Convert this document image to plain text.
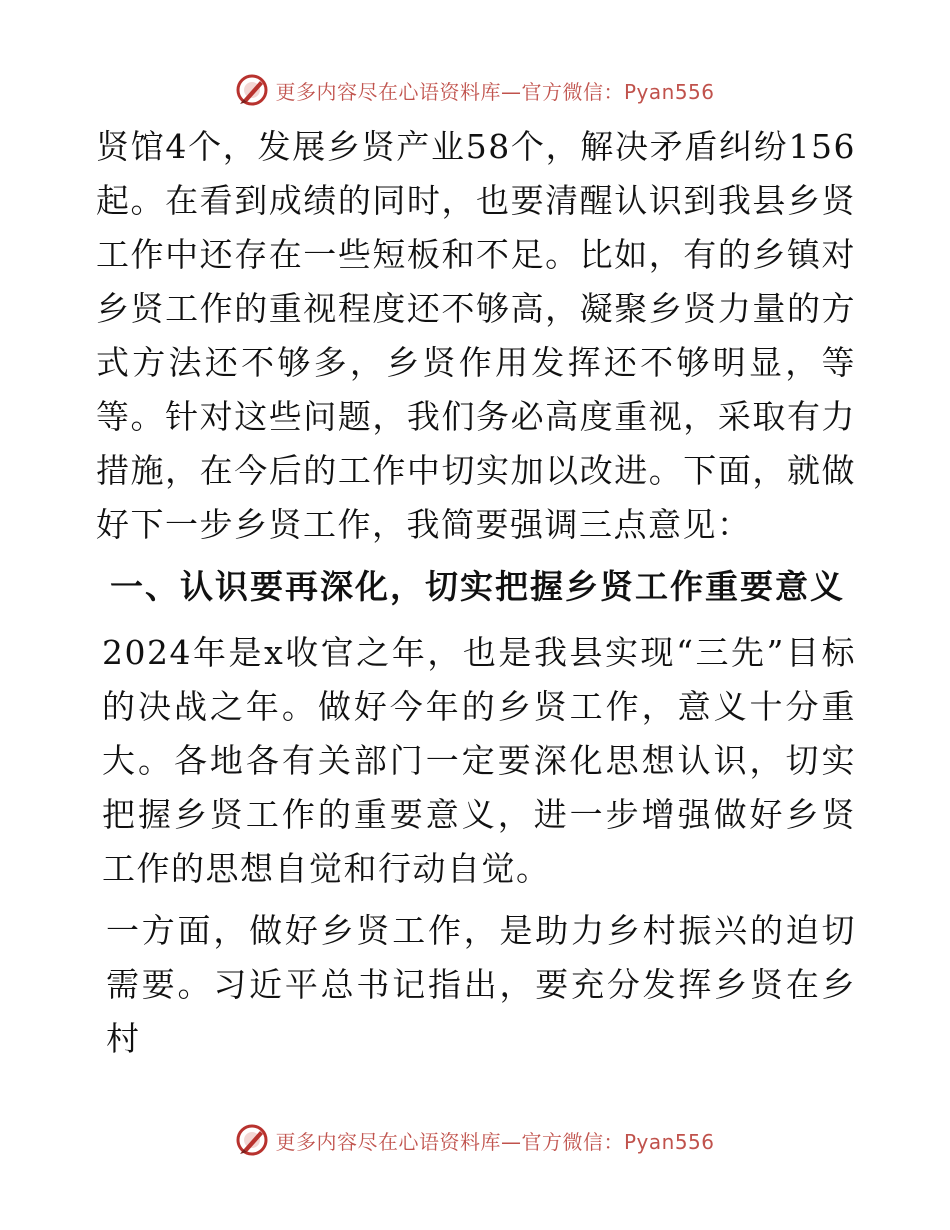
更多内容尽在心语资料库—官方微信：Pyan556

贤馆4个，发展乡贤产业58个，解决矛盾纠纷156起。在看到成绩的同时，也要清醒认识到我县乡贤工作中还存在一些短板和不足。比如，有的乡镇对乡贤工作的重视程度还不够高，凝聚乡贤力量的方式方法还不够多，乡贤作用发挥还不够明显，等等。针对这些问题，我们务必高度重视，采取有力措施，在今后的工作中切实加以改进。下面，就做好下一步乡贤工作，我简要强调三点意见：

一、认识要再深化，切实把握乡贤工作重要意义

2024年是x收官之年，也是我县实现“三先”目标的决战之年。做好今年的乡贤工作，意义十分重大。各地各有关部门一定要深化思想认识，切实把握乡贤工作的重要意义，进一步增强做好乡贤工作的思想自觉和行动自觉。

一方面，做好乡贤工作，是助力乡村振兴的迫切需要。习近平总书记指出，要充分发挥乡贤在乡村

更多内容尽在心语资料库—官方微信：Pyan556
